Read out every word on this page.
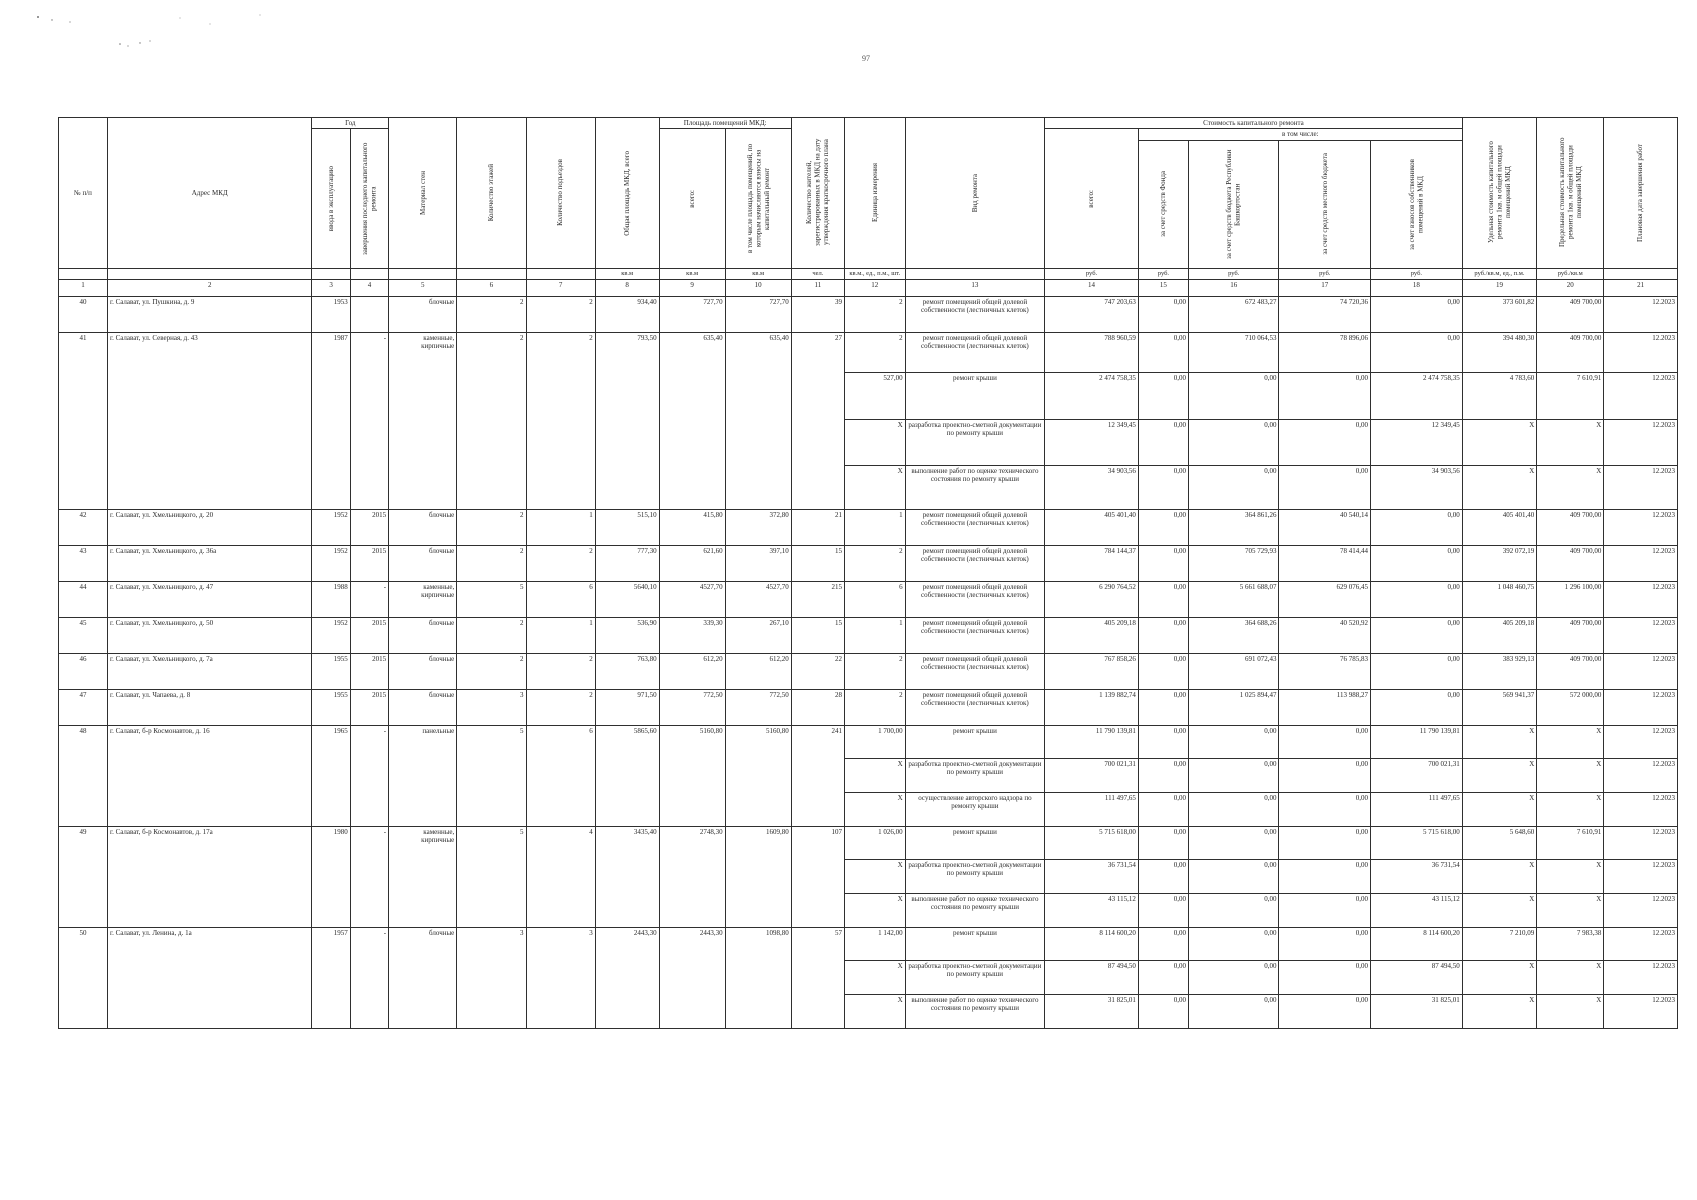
97
№ п/п	Адрес МКД	Год		Материал стен	Количество этажей	Количество подъездов	Общая площадь МКД, всего	Площадь помещений МКД:		Количество жителей, зарегистрированных в МКД на дату утверждения краткосрочного плана	Единица измерения	Вид ремонта	Стоимость капитального ремонта					Удельная стоимость капитального ремонта 1кв. м общей площади помещений МКД	Предельная стоимость капитального ремонта 1кв. м общей площади помещений МКД	Плановая дата завершения работ

		ввода в эксплуатацию	завершения последнего капитального ремонта					всего:	в том числе площадь помещений, по которым начисляются взносы на капитальный ремонт				всего:	в том числе:						

														за счет средств Фонда	за счет средств бюджета Республики Башкортостан	за счет средств местного бюджета	за счет взносов собственников помещений в МКД			

							кв.м	кв.м	кв.м	чел.	кв.м., ед., п.м., шт.		руб.	руб.	руб.	руб.	руб.	руб./кв.м, ед., п.м.	руб./кв.м	
1	2	3	4	5	6	7	8	9	10	11	12	13	14	15	16	17	18	19	20	21
40	г. Салават, ул. Пушкина, д. 9	1953		блочные	2	2	934,40	727,70	727,70	39	2	ремонт помещений общей долевой собственности (лестничных клеток)	747 203,63	0,00	672 483,27	74 720,36	0,00	373 601,82	409 700,00	12.2023
41	г. Салават, ул. Северная, д. 43	1987	-	каменные, кирпичные	2	2	793,50	635,40	635,40	27	2	ремонт помещений общей долевой собственности (лестничных клеток)	788 960,59	0,00	710 064,53	78 896,06	0,00	394 480,30	409 700,00	12.2023
											527,00	ремонт крыши	2 474 758,35	0,00	0,00	0,00	2 474 758,35	4 783,60	7 610,91	12.2023
											Х	разработка проектно-сметной документации по ремонту крыши	12 349,45	0,00	0,00	0,00	12 349,45	Х	Х	12.2023
											Х	выполнение работ по оценке технического состояния по ремонту крыши	34 903,56	0,00	0,00	0,00	34 903,56	Х	Х	12.2023
42	г. Салават, ул. Хмельницкого, д. 20	1952	2015	блочные	2	1	515,10	415,80	372,80	21	1	ремонт помещений общей долевой собственности (лестничных клеток)	405 401,40	0,00	364 861,26	40 540,14	0,00	405 401,40	409 700,00	12.2023
43	г. Салават, ул. Хмельницкого, д. 36а	1952	2015	блочные	2	2	777,30	621,60	397,10	15	2	ремонт помещений общей долевой собственности (лестничных клеток)	784 144,37	0,00	705 729,93	78 414,44	0,00	392 072,19	409 700,00	12.2023
44	г. Салават, ул. Хмельницкого, д. 47	1988	-	каменные, кирпичные	5	6	5640,10	4527,70	4527,70	215	6	ремонт помещений общей долевой собственности (лестничных клеток)	6 290 764,52	0,00	5 661 688,07	629 076,45	0,00	1 048 460,75	1 296 100,00	12.2023
45	г. Салават, ул. Хмельницкого, д. 50	1952	2015	блочные	2	1	536,90	339,30	267,10	15	1	ремонт помещений общей долевой собственности (лестничных клеток)	405 209,18	0,00	364 688,26	40 520,92	0,00	405 209,18	409 700,00	12.2023
46	г. Салават, ул. Хмельницкого, д. 7а	1955	2015	блочные	2	2	763,80	612,20	612,20	22	2	ремонт помещений общей долевой собственности (лестничных клеток)	767 858,26	0,00	691 072,43	76 785,83	0,00	383 929,13	409 700,00	12.2023
47	г. Салават, ул. Чапаева, д. 8	1955	2015	блочные	3	2	971,50	772,50	772,50	28	2	ремонт помещений общей долевой собственности (лестничных клеток)	1 139 882,74	0,00	1 025 894,47	113 988,27	0,00	569 941,37	572 000,00	12.2023
48	г. Салават, б-р Космонавтов, д. 16	1965	-	панельные	5	6	5865,60	5160,80	5160,80	241	1 700,00	ремонт крыши	11 790 139,81	0,00	0,00	0,00	11 790 139,81	Х	Х	12.2023
											Х	разработка проектно-сметной документации по ремонту крыши	700 021,31	0,00	0,00	0,00	700 021,31	Х	Х	12.2023
											Х	осуществление авторского надзора по ремонту крыши	111 497,65	0,00	0,00	0,00	111 497,65	Х	Х	12.2023
49	г. Салават, б-р Космонавтов, д. 17а	1980	-	каменные, кирпичные	5	4	3435,40	2748,30	1609,80	107	1 026,00	ремонт крыши	5 715 618,00	0,00	0,00	0,00	5 715 618,00	5 648,60	7 610,91	12.2023
											Х	разработка проектно-сметной документации по ремонту крыши	36 731,54	0,00	0,00	0,00	36 731,54	Х	Х	12.2023
											Х	выполнение работ по оценке технического состояния по ремонту крыши	43 115,12	0,00	0,00	0,00	43 115,12	Х	Х	12.2023
50	г. Салават, ул. Ленина, д. 1а	1957	-	блочные	3	3	2443,30	2443,30	1098,80	57	1 142,00	ремонт крыши	8 114 600,20	0,00	0,00	0,00	8 114 600,20	7 210,09	7 983,38	12.2023
											Х	разработка проектно-сметной документации по ремонту крыши	87 494,50	0,00	0,00	0,00	87 494,50	Х	Х	12.2023
											Х	выполнение работ по оценке технического состояния по ремонту крыши	31 825,01	0,00	0,00	0,00	31 825,01	Х	Х	12.2023
